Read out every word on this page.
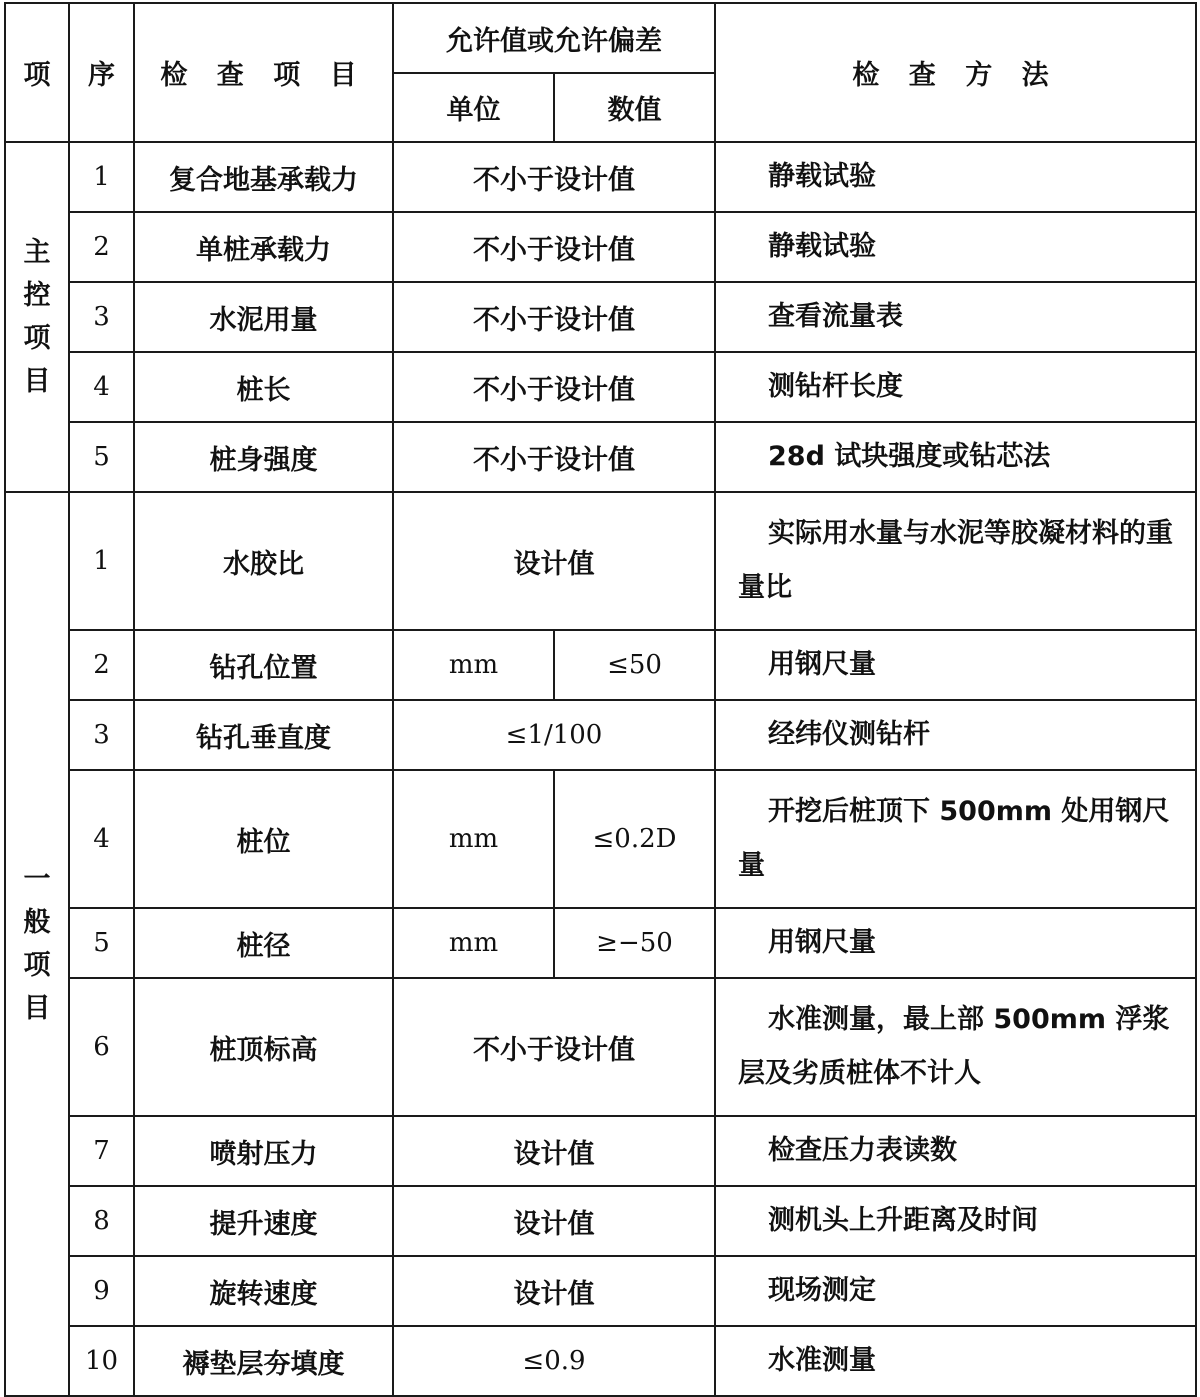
项	序	检 查 项 目	允许值或允许偏差		检 查 方 法
			单位	数值	

主
控
项
目	1	复合地基承载力	不小于设计值		静载试验
	2	单桩承载力	不小于设计值		静载试验
	3	水泥用量	不小于设计值		查看流量表
	4	桩长	不小于设计值		测钻杆长度
	5	桩身强度	不小于设计值		28d 试块强度或钻芯法

一
般
项
目	1	水胶比	设计值		实际用水量与水泥等胶凝材料的重量比
	2	钻孔位置	mm	≤50	用钢尺量
	3	钻孔垂直度	≤1/100		经纬仪测钻杆
	4	桩位	mm	≤0.2D	开挖后桩顶下 500mm 处用钢尺量
	5	桩径	mm	≥−50	用钢尺量
	6	桩顶标高	不小于设计值		水准测量，最上部 500mm 浮浆层及劣质桩体不计人
	7	喷射压力	设计值		检查压力表读数
	8	提升速度	设计值		测机头上升距离及时间
	9	旋转速度	设计值		现场测定
	10	褥垫层夯填度	≤0.9		水准测量
